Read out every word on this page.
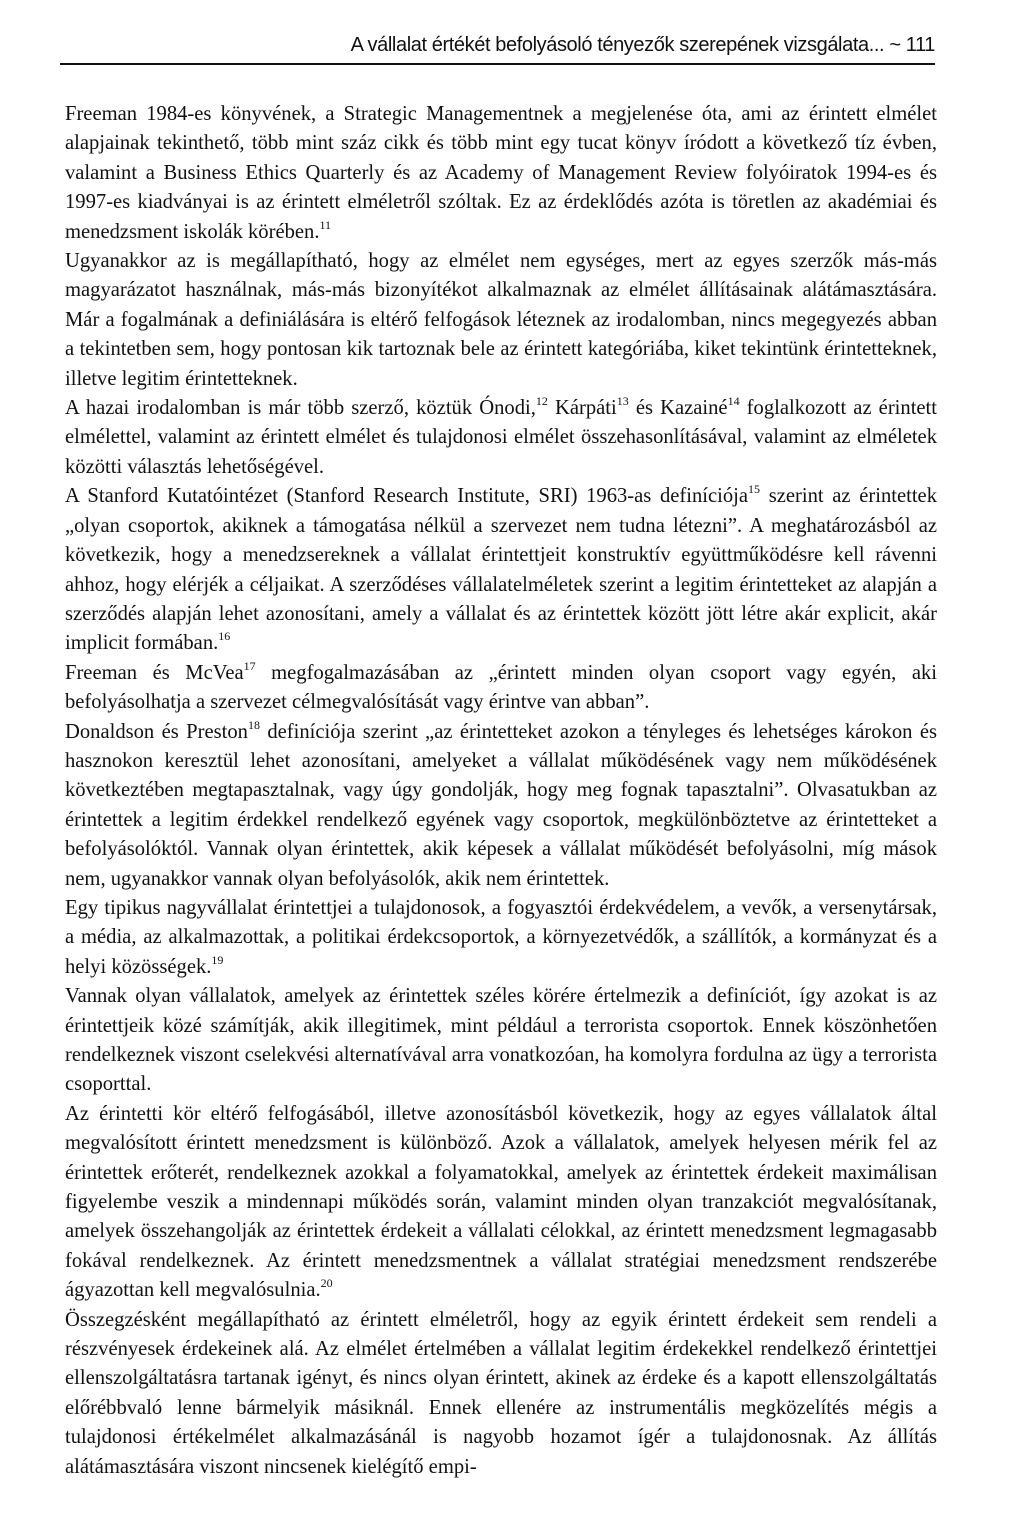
A vállalat értékét befolyásoló tényezők szerepének vizsgálata... ~ 111

Freeman 1984-es könyvének, a Strategic Managementnek a megjelenése óta, ami az érintett elmélet alapjainak tekinthető, több mint száz cikk és több mint egy tucat könyv íródott a következő tíz évben, valamint a Business Ethics Quarterly és az Academy of Management Review folyóiratok 1994-es és 1997-es kiadványai is az érintett elméletről szóltak. Ez az érdeklődés azóta is töretlen az akadémiai és menedzsment iskolák körében.$^{11}$

Ugyanakkor az is megállapítható, hogy az elmélet nem egységes, mert az egyes szerzők más-más magyarázatot használnak, más-más bizonyítékot alkalmaznak az elmélet állításainak alátámasztására. Már a fogalmának a definiálására is eltérő felfogások léteznek az irodalomban, nincs megegyezés abban a tekintetben sem, hogy pontosan kik tartoznak bele az érintett kategóriába, kiket tekintünk érintetteknek, illetve legitim érintetteknek.

A hazai irodalomban is már több szerző, köztük Ónodi,$^{12}$ Kárpáti$^{13}$ és Kazainé$^{14}$ foglalkozott az érintett elmélettel, valamint az érintett elmélet és tulajdonosi elmélet összehasonlításával, valamint az elméletek közötti választás lehetőségével.

A Stanford Kutatóintézet (Stanford Research Institute, SRI) 1963-as definíciója$^{15}$ szerint az érintettek „olyan csoportok, akiknek a támogatása nélkül a szervezet nem tudna létezni”. A meghatározásból az következik, hogy a menedzsereknek a vállalat érintettjeit konstruktív együttműködésre kell rávenni ahhoz, hogy elérjék a céljaikat. A szerződéses vállalatelméletek szerint a legitim érintetteket az alapján a szerződés alapján lehet azonosítani, amely a vállalat és az érintettek között jött létre akár explicit, akár implicit formában.$^{16}$

Freeman és McVea$^{17}$ megfogalmazásában az „érintett minden olyan csoport vagy egyén, aki befolyásolhatja a szervezet célmegvalósítását vagy érintve van abban”.

Donaldson és Preston$^{18}$ definíciója szerint „az érintetteket azokon a tényleges és lehetséges károkon és hasznokon keresztül lehet azonosítani, amelyeket a vállalat működésének vagy nem működésének következtében megtapasztalnak, vagy úgy gondolják, hogy meg fognak tapasztalni”. Olvasatukban az érintettek a legitim érdekkel rendelkező egyének vagy csoportok, megkülönböztetve az érintetteket a befolyásolóktól. Vannak olyan érintettek, akik képesek a vállalat működését befolyásolni, míg mások nem, ugyanakkor vannak olyan befolyásolók, akik nem érintettek.

Egy tipikus nagyvállalat érintettjei a tulajdonosok, a fogyasztói érdekvédelem, a vevők, a versenytársak, a média, az alkalmazottak, a politikai érdekcsoportok, a környezetvédők, a szállítók, a kormányzat és a helyi közösségek.$^{19}$

Vannak olyan vállalatok, amelyek az érintettek széles körére értelmezik a definíciót, így azokat is az érintettjeik közé számítják, akik illegitimek, mint például a terrorista csoportok. Ennek köszönhetően rendelkeznek viszont cselekvési alternatívával arra vonatkozóan, ha komolyra fordulna az ügy a terrorista csoporttal.

Az érintetti kör eltérő felfogásából, illetve azonosításból következik, hogy az egyes vállalatok által megvalósított érintett menedzsment is különböző. Azok a vállalatok, amelyek helyesen mérik fel az érintettek erőterét, rendelkeznek azokkal a folyamatokkal, amelyek az érintettek érdekeit maximálisan figyelembe veszik a mindennapi működés során, valamint minden olyan tranzakciót megvalósítanak, amelyek összehangolják az érintettek érdekeit a vállalati célokkal, az érintett menedzsment legmagasabb fokával rendelkeznek. Az érintett menedzsmentnek a vállalat stratégiai menedzsment rendszerébe ágyazottan kell megvalósulnia.$^{20}$

Összegzésként megállapítható az érintett elméletről, hogy az egyik érintett érdekeit sem rendeli a részvényesek érdekeinek alá. Az elmélet értelmében a vállalat legitim érdekekkel rendelkező érintettjei ellenszolgáltatásra tartanak igényt, és nincs olyan érintett, akinek az érdeke és a kapott ellenszolgáltatás előrébbvaló lenne bármelyik másiknál. Ennek ellenére az instrumentális megközelítés mégis a tulajdonosi értékelmélet alkalmazásánál is nagyobb hozamot ígér a tulajdonosnak. Az állítás alátámasztására viszont nincsenek kielégítő empi-
